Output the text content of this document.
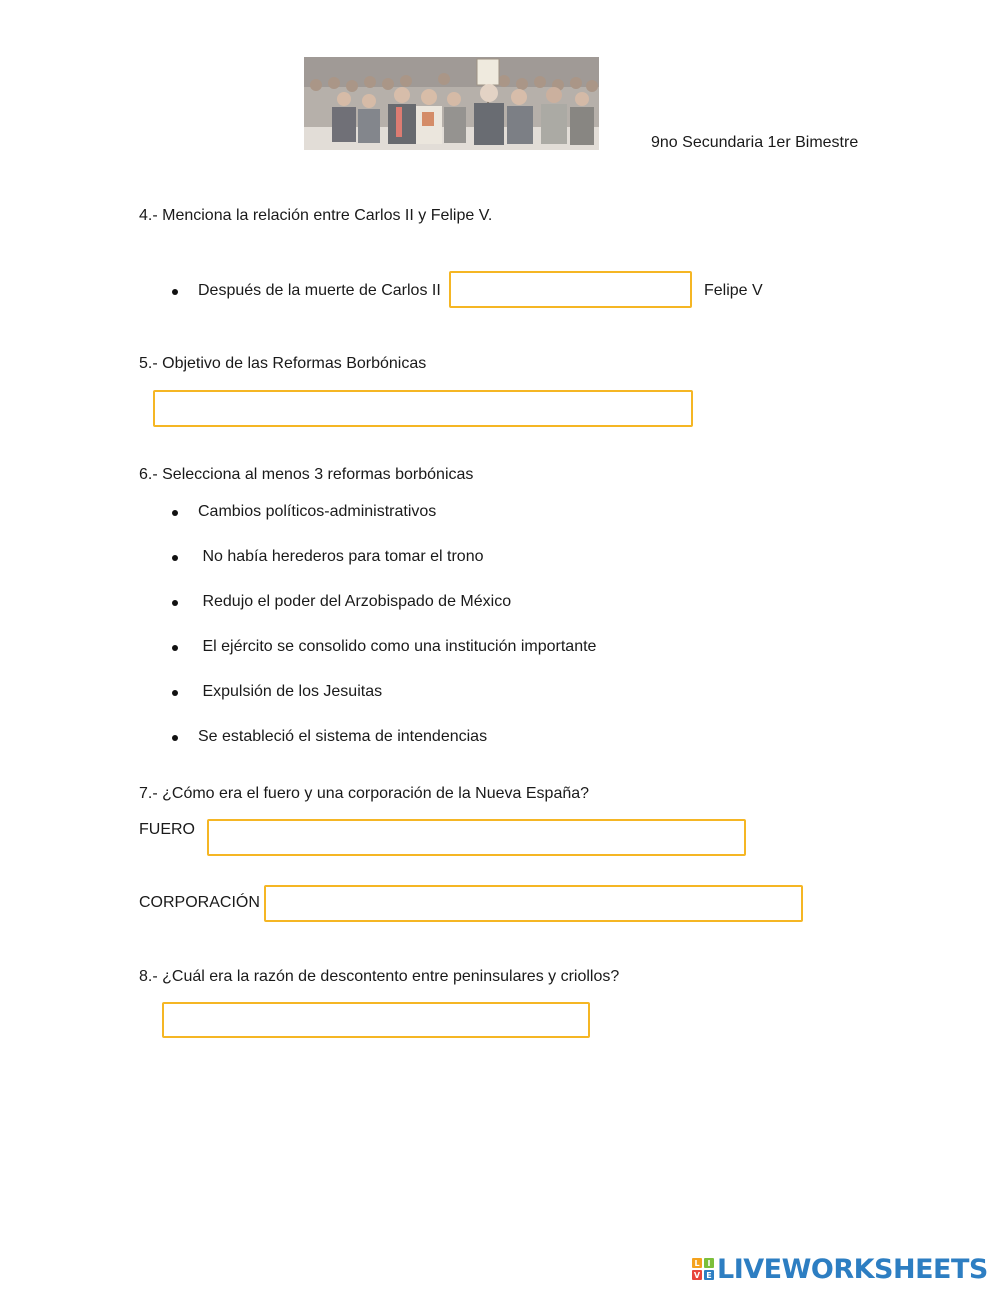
9no Secundaria 1er Bimestre
4.- Menciona la relación entre Carlos II y Felipe V.
Después de la muerte de Carlos II	Felipe V
5.- Objetivo de las Reformas Borbónicas
6.- Selecciona al menos 3 reformas borbónicas
Cambios políticos-administrativos
No había herederos para tomar el trono
Redujo el poder del Arzobispado de México
El ejército se consolido como una institución importante
Expulsión de los Jesuitas
Se estableció el sistema de intendencias
7.- ¿Cómo era el fuero y una corporación de la Nueva España?
FUERO
CORPORACIÓN
8.- ¿Cuál era la razón de descontento entre peninsulares y criollos?
L I
V E LIVEWORKSHEETS
